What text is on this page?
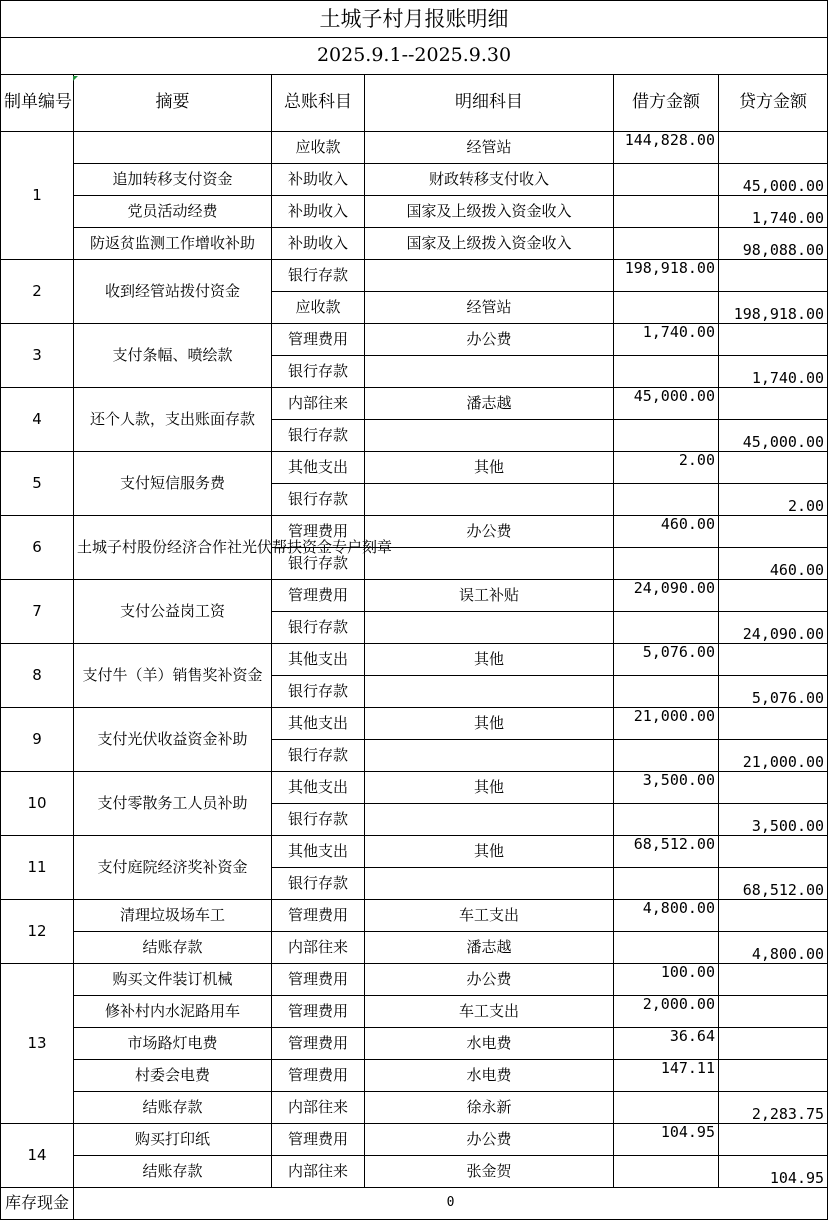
土城子村月报账明细					
2025.9.1--2025.9.30					
制单编号	摘要	总账科目	明细科目	借方金额	贷方金额
1		应收款	经管站	144,828.00	
	追加转移支付资金	补助收入	财政转移支付收入		45,000.00
	党员活动经费	补助收入	国家及上级拨入资金收入		1,740.00
	防返贫监测工作增收补助	补助收入	国家及上级拨入资金收入		98,088.00
2	收到经管站拨付资金	银行存款		198,918.00	
		应收款	经管站		198,918.00
3	支付条幅、喷绘款	管理费用	办公费	1,740.00	
		银行存款			1,740.00
4	还个人款，支出账面存款	内部往来	潘志越	45,000.00	
		银行存款			45,000.00
5	支付短信服务费	其他支出	其他	2.00	
		银行存款			2.00
6	土城子村股份经济合作社光伏帮扶资金专户刻章	管理费用	办公费	460.00	
		银行存款			460.00
7	支付公益岗工资	管理费用	误工补贴	24,090.00	
		银行存款			24,090.00
8	支付牛（羊）销售奖补资金	其他支出	其他	5,076.00	
		银行存款			5,076.00
9	支付光伏收益资金补助	其他支出	其他	21,000.00	
		银行存款			21,000.00
10	支付零散务工人员补助	其他支出	其他	3,500.00	
		银行存款			3,500.00
11	支付庭院经济奖补资金	其他支出	其他	68,512.00	
		银行存款			68,512.00
12	清理垃圾场车工	管理费用	车工支出	4,800.00	
	结账存款	内部往来	潘志越		4,800.00
13	购买文件装订机械	管理费用	办公费	100.00	
	修补村内水泥路用车	管理费用	车工支出	2,000.00	
	市场路灯电费	管理费用	水电费	36.64	
	村委会电费	管理费用	水电费	147.11	
	结账存款	内部往来	徐永新		2,283.75
14	购买打印纸	管理费用	办公费	104.95	
	结账存款	内部往来	张金贺		104.95
库存现金	0				
